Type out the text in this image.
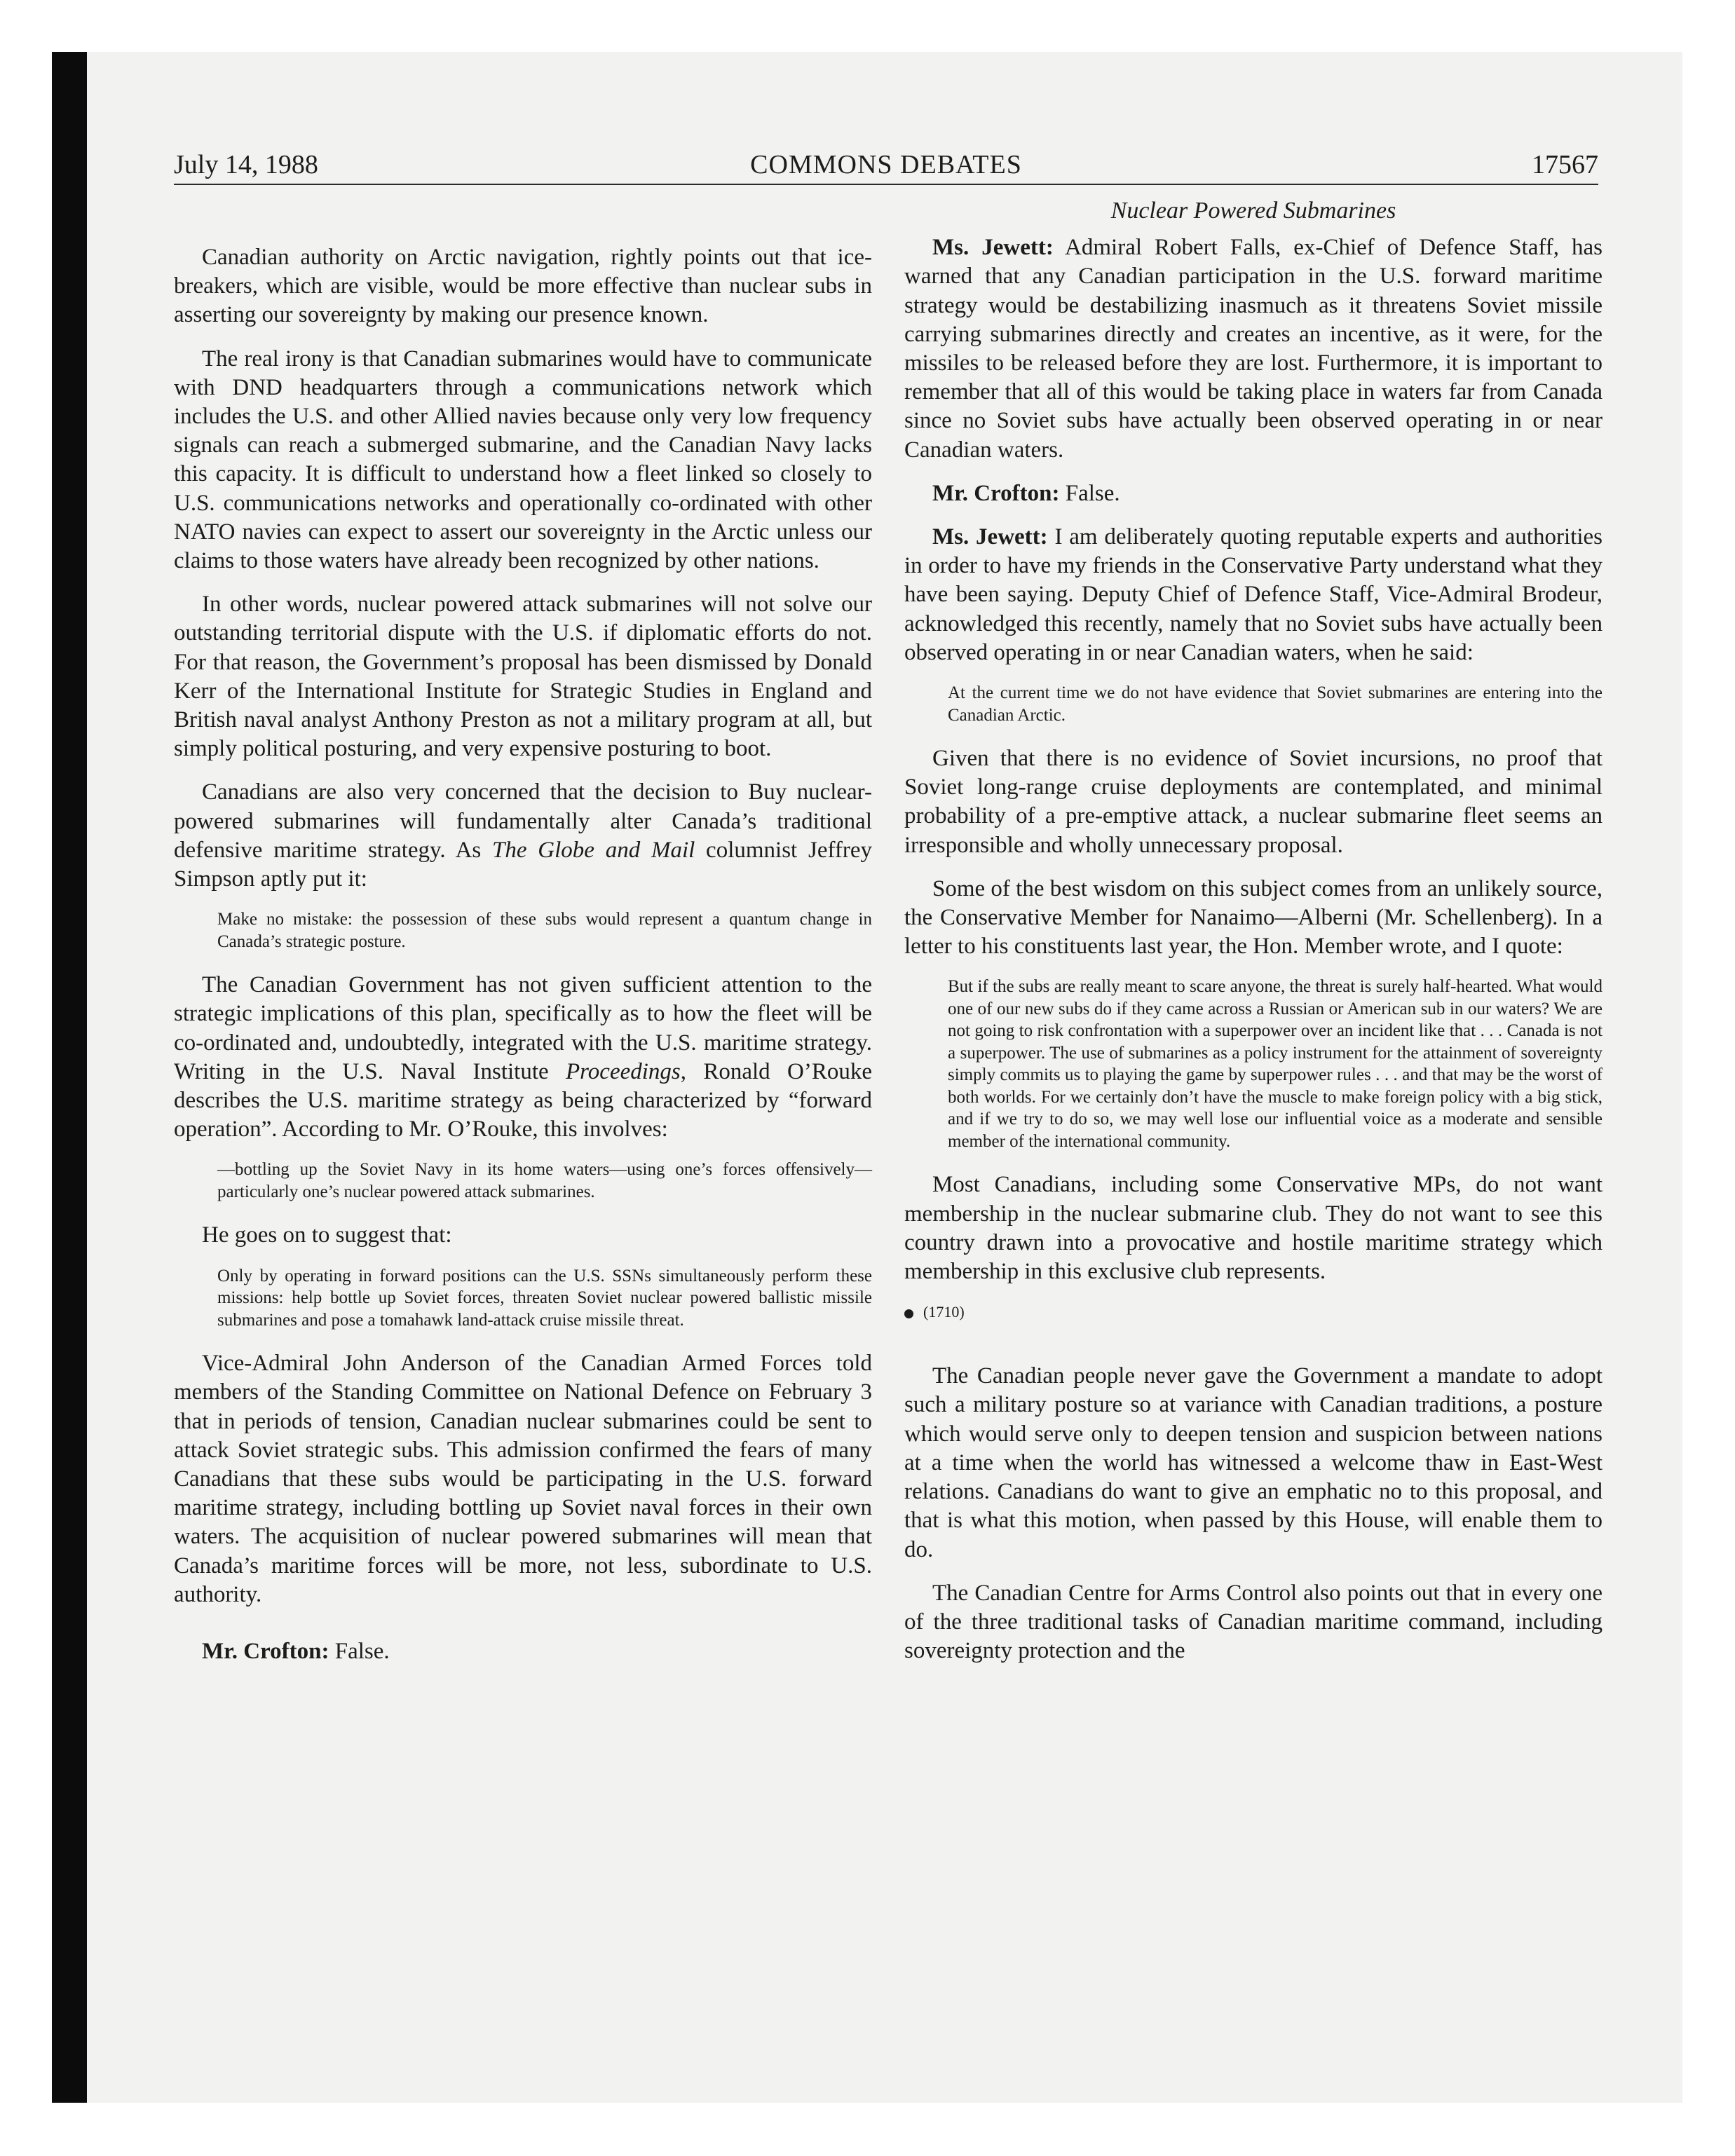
July 14, 1988	COMMONS DEBATES	17567

Canadian authority on Arctic navigation, rightly points out that ice-breakers, which are visible, would be more effective than nuclear subs in asserting our sovereignty by making our presence known.

The real irony is that Canadian submarines would have to communicate with DND headquarters through a communications network which includes the U.S. and other Allied navies because only very low frequency signals can reach a submerged submarine, and the Canadian Navy lacks this capacity. It is difficult to understand how a fleet linked so closely to U.S. communications networks and operationally co-ordinated with other NATO navies can expect to assert our sovereignty in the Arctic unless our claims to those waters have already been recognized by other nations.

In other words, nuclear powered attack submarines will not solve our outstanding territorial dispute with the U.S. if diplomatic efforts do not. For that reason, the Government’s proposal has been dismissed by Donald Kerr of the International Institute for Strategic Studies in England and British naval analyst Anthony Preston as not a military program at all, but simply political posturing, and very expensive posturing to boot.

Canadians are also very concerned that the decision to Buy nuclear-powered submarines will fundamentally alter Canada’s traditional defensive maritime strategy. As The Globe and Mail columnist Jeffrey Simpson aptly put it:

Make no mistake: the possession of these subs would represent a quantum change in Canada’s strategic posture.

The Canadian Government has not given sufficient attention to the strategic implications of this plan, specifically as to how the fleet will be co-ordinated and, undoubtedly, integrated with the U.S. maritime strategy. Writing in the U.S. Naval Institute Proceedings, Ronald O’Rouke describes the U.S. maritime strategy as being characterized by “forward operation”. According to Mr. O’Rouke, this involves:

—bottling up the Soviet Navy in its home waters—using one’s forces offensively—particularly one’s nuclear powered attack submarines.

He goes on to suggest that:

Only by operating in forward positions can the U.S. SSNs simultaneously perform these missions: help bottle up Soviet forces, threaten Soviet nuclear powered ballistic missile submarines and pose a tomahawk land-attack cruise missile threat.

Vice-Admiral John Anderson of the Canadian Armed Forces told members of the Standing Committee on National Defence on February 3 that in periods of tension, Canadian nuclear submarines could be sent to attack Soviet strategic subs. This admission confirmed the fears of many Canadians that these subs would be participating in the U.S. forward maritime strategy, including bottling up Soviet naval forces in their own waters. The acquisition of nuclear powered submarines will mean that Canada’s maritime forces will be more, not less, subordinate to U.S. authority.

Mr. Crofton: False.

Nuclear Powered Submarines

Ms. Jewett: Admiral Robert Falls, ex-Chief of Defence Staff, has warned that any Canadian participation in the U.S. forward maritime strategy would be destabilizing inasmuch as it threatens Soviet missile carrying submarines directly and creates an incentive, as it were, for the missiles to be released before they are lost. Furthermore, it is important to remember that all of this would be taking place in waters far from Canada since no Soviet subs have actually been observed operating in or near Canadian waters.

Mr. Crofton: False.

Ms. Jewett: I am deliberately quoting reputable experts and authorities in order to have my friends in the Conservative Party understand what they have been saying. Deputy Chief of Defence Staff, Vice-Admiral Brodeur, acknowledged this recently, namely that no Soviet subs have actually been observed operating in or near Canadian waters, when he said:

At the current time we do not have evidence that Soviet submarines are entering into the Canadian Arctic.

Given that there is no evidence of Soviet incursions, no proof that Soviet long-range cruise deployments are contemplated, and minimal probability of a pre-emptive attack, a nuclear submarine fleet seems an irresponsible and wholly unnecessary proposal.

Some of the best wisdom on this subject comes from an unlikely source, the Conservative Member for Nanaimo—Alberni (Mr. Schellenberg). In a letter to his constituents last year, the Hon. Member wrote, and I quote:

But if the subs are really meant to scare anyone, the threat is surely half-hearted. What would one of our new subs do if they came across a Russian or American sub in our waters? We are not going to risk confrontation with a superpower over an incident like that . . . Canada is not a superpower. The use of submarines as a policy instrument for the attainment of sovereignty simply commits us to playing the game by superpower rules . . . and that may be the worst of both worlds. For we certainly don’t have the muscle to make foreign policy with a big stick, and if we try to do so, we may well lose our influential voice as a moderate and sensible member of the international community.

Most Canadians, including some Conservative MPs, do not want membership in the nuclear submarine club. They do not want to see this country drawn into a provocative and hostile maritime strategy which membership in this exclusive club represents.

(1710)

The Canadian people never gave the Government a mandate to adopt such a military posture so at variance with Canadian traditions, a posture which would serve only to deepen tension and suspicion between nations at a time when the world has witnessed a welcome thaw in East-West relations. Canadians do want to give an emphatic no to this proposal, and that is what this motion, when passed by this House, will enable them to do.

The Canadian Centre for Arms Control also points out that in every one of the three traditional tasks of Canadian maritime command, including sovereignty protection and the
